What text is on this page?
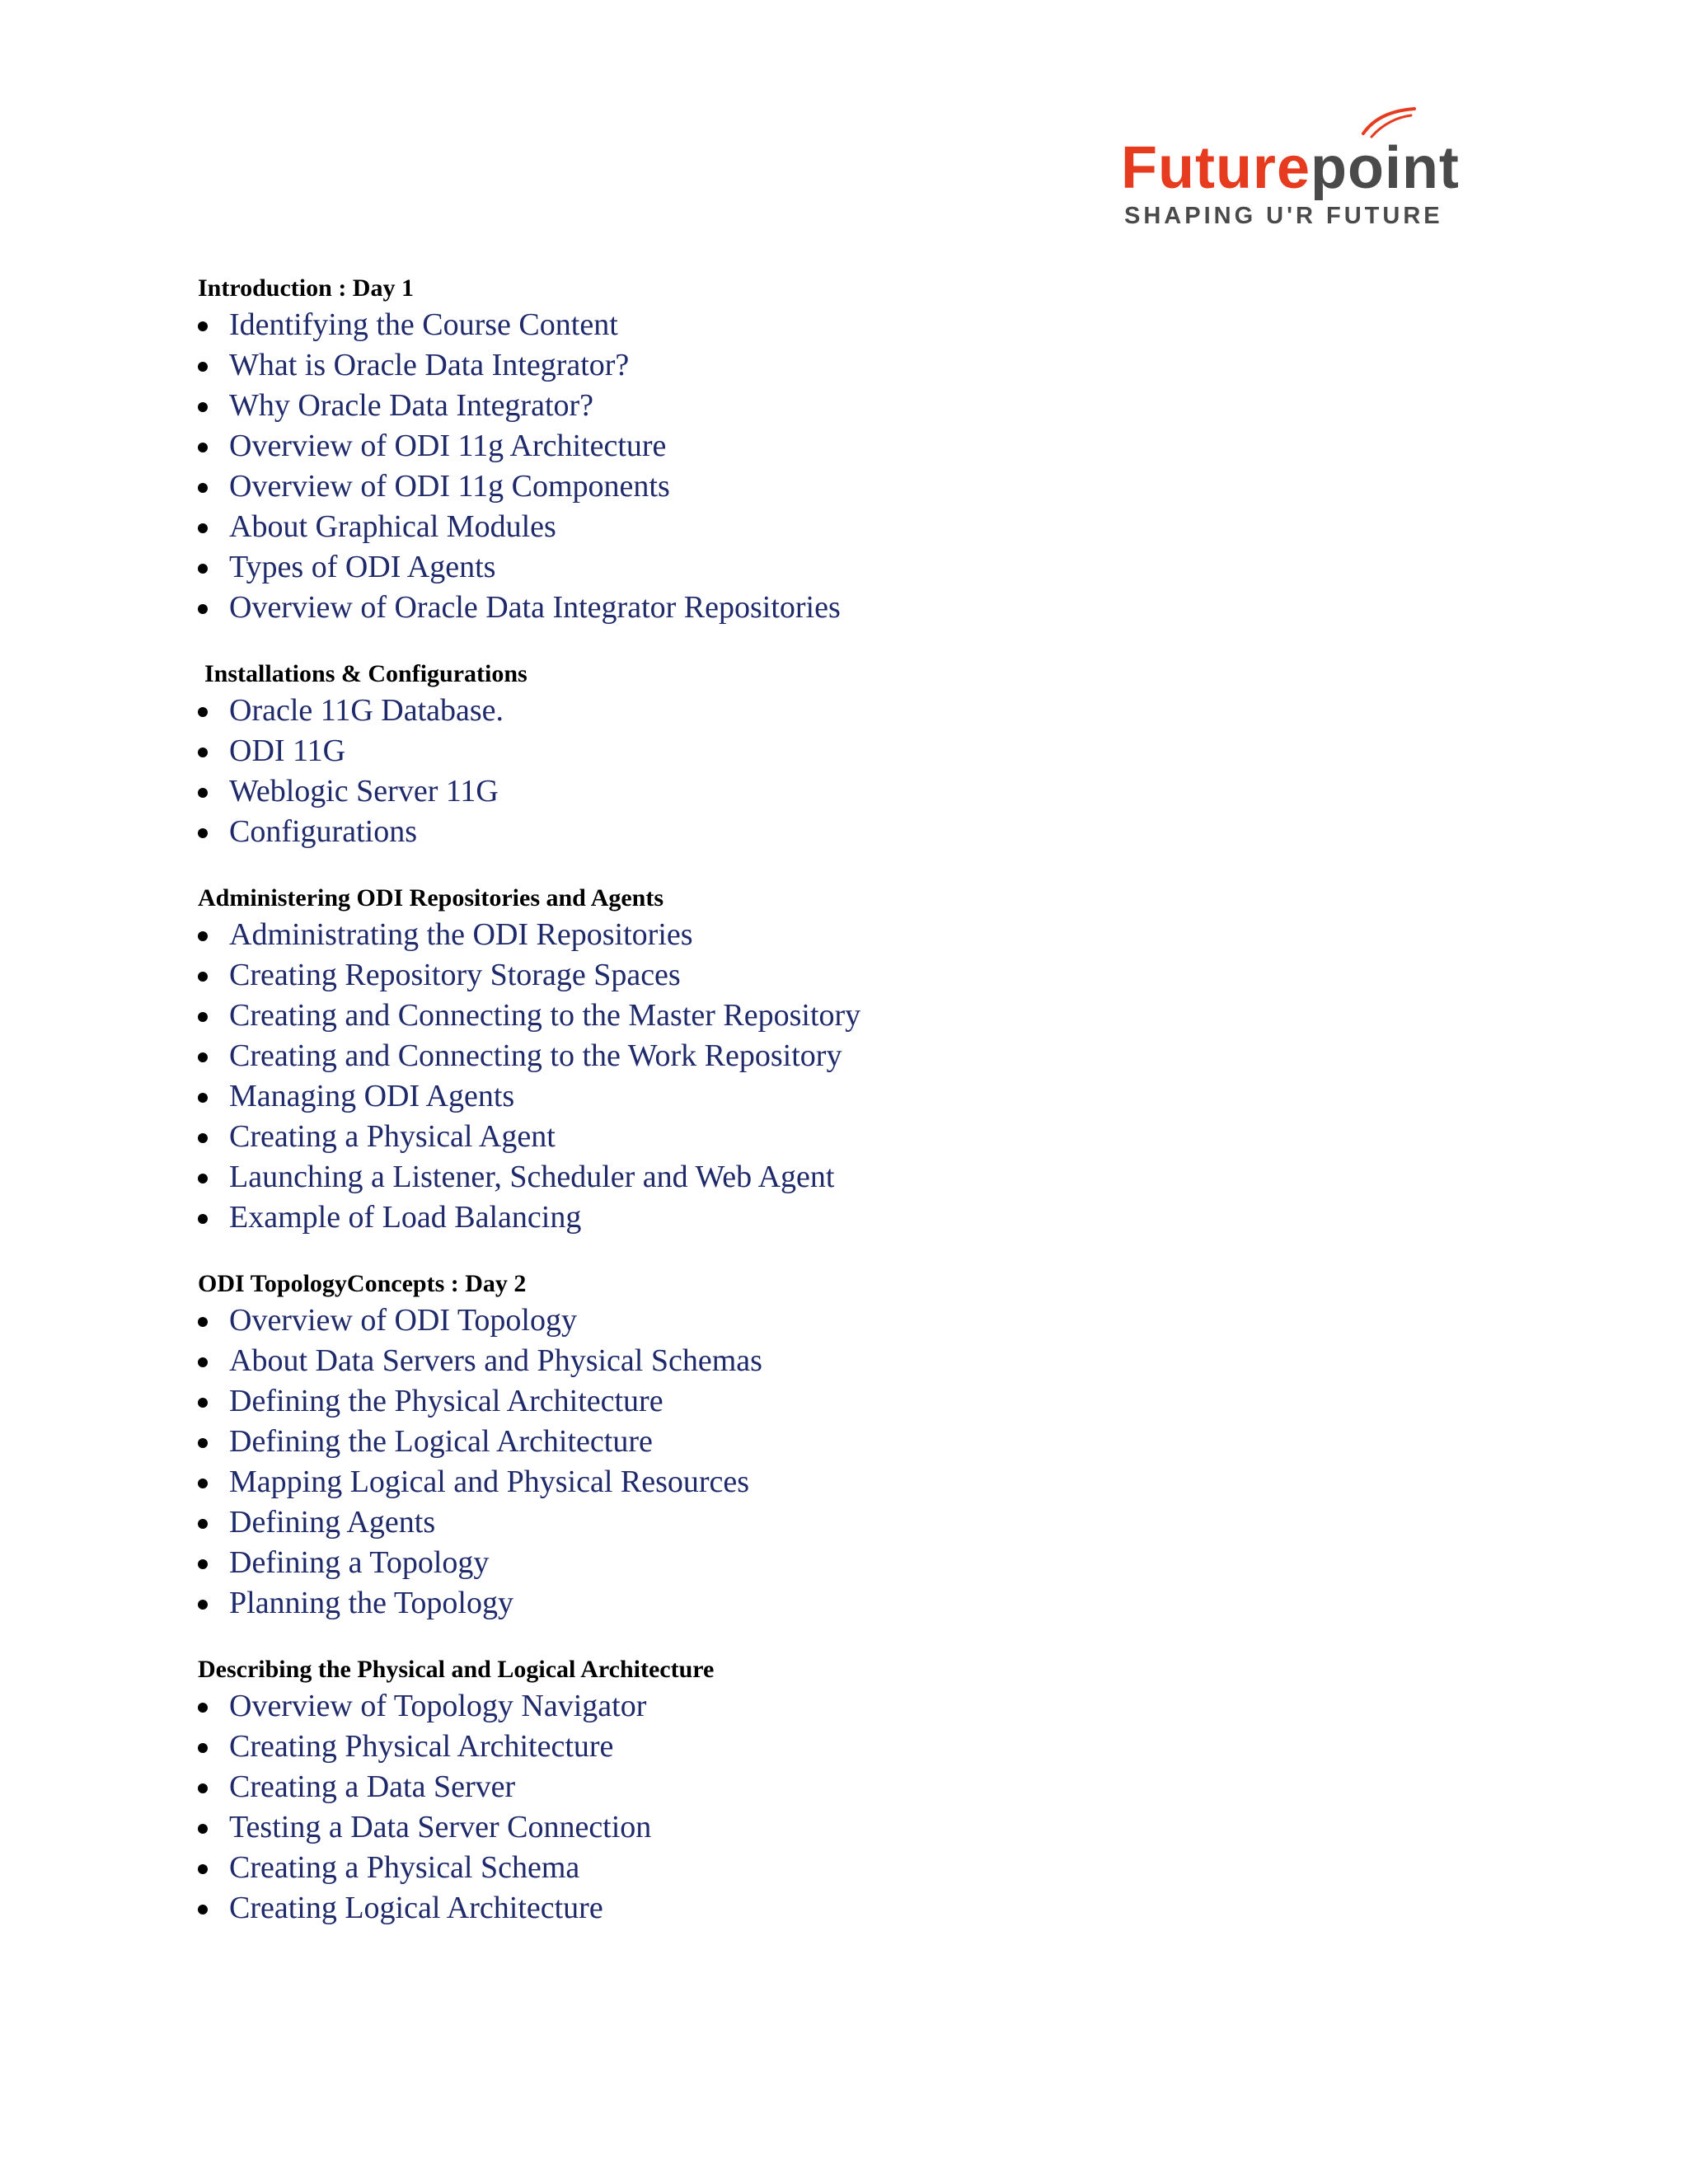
Futurepoint
SHAPING U'R FUTURE
Introduction : Day 1
Identifying the Course Content
What is Oracle Data Integrator?
Why Oracle Data Integrator?
Overview of ODI 11g Architecture
Overview of ODI 11g Components
About Graphical Modules
Types of ODI Agents
Overview of Oracle Data Integrator Repositories
Installations & Configurations
Oracle 11G Database.
ODI 11G
Weblogic Server 11G
Configurations
Administering ODI Repositories and Agents
Administrating the ODI Repositories
Creating Repository Storage Spaces
Creating and Connecting to the Master Repository
Creating and Connecting to the Work Repository
Managing ODI Agents
Creating a Physical Agent
Launching a Listener, Scheduler and Web Agent
Example of Load Balancing
ODI TopologyConcepts : Day 2
Overview of ODI Topology
About Data Servers and Physical Schemas
Defining the Physical Architecture
Defining the Logical Architecture
Mapping Logical and Physical Resources
Defining Agents
Defining a Topology
Planning the Topology
Describing the Physical and Logical Architecture
Overview of Topology Navigator
Creating Physical Architecture
Creating a Data Server
Testing a Data Server Connection
Creating a Physical Schema
Creating Logical Architecture
